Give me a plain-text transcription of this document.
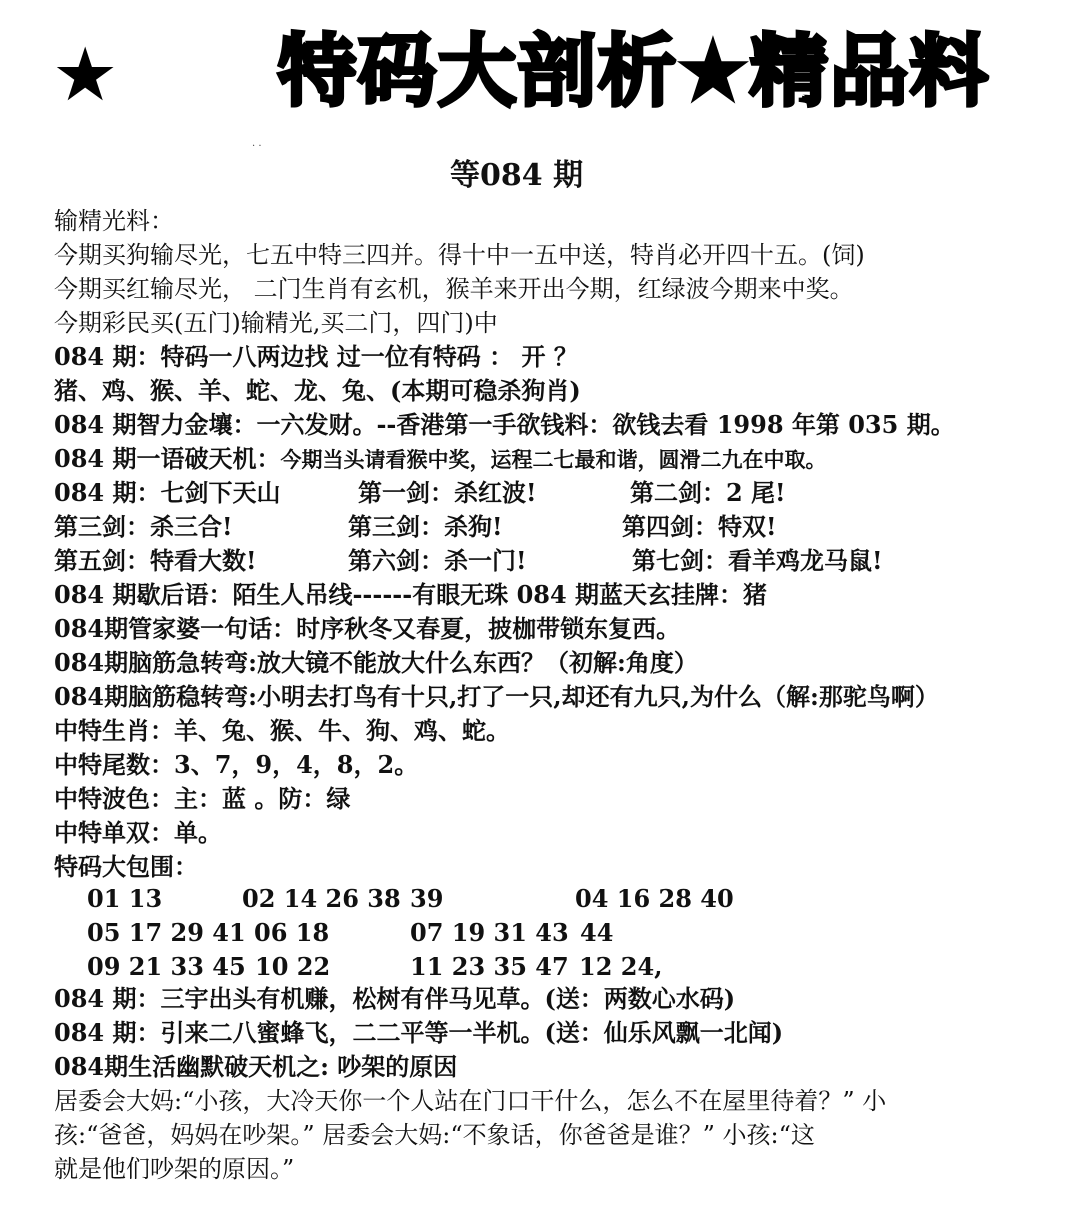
★ 特码大剖析★精品料
. .
等084 期
输精光料：
今期买狗输尽光，七五中特三四并。得十中一五中送，特肖必开四十五。(饲)
今期买红输尽光， 二门生肖有玄机，猴羊来开出今期，红绿波今期来中奖。
今期彩民买(五门)输精光,买二门，四门)中
084 期：特码一八两边找 过一位有特码 ： 开 ？
猪、鸡、猴、羊、蛇、龙、兔、(本期可稳杀狗肖)
084 期智力金壤：一六发财。--香港第一手欲钱料：欲钱去看 1998 年第 035 期。
084 期一语破天机：今期当头请看猴中奖，运程二七最和谐，圆滑二九在中取。
084 期：七剑下天山	第一剑：杀红波!	第二剑：2 尾!
第三剑：杀三合!	第三剑：杀狗!	第四剑：特双!
第五剑：特看大数!	第六剑：杀一门!	第七剑：看羊鸡龙马鼠!
084 期歇后语：陌生人吊线------有眼无珠 084 期蓝天玄挂牌：猪
084期管家婆一句话：时序秋冬又春夏，披枷带锁东复西。
084期脑筋急转弯:放大镜不能放大什么东西？（初解:角度）
084期脑筋稳转弯:小明去打鸟有十只,打了一只,却还有九只,为什么（解:那驼鸟啊）
中特生肖：羊、兔、猴、牛、狗、鸡、蛇。
中特尾数：3、7，9，4，8，2。
中特波色：主：蓝 。防：绿
中特单双：单。
特码大包围：
01 13	02 14 26 38 39	04 16 28 40
05 17 29 41 06 18	07 19 31 43 44
09 21 33 45 10 22	11 23 35 47 12 24,
084 期：三宇出头有机赚，松树有伴马见草。(送：两数心水码)
084 期：引来二八蜜蜂飞，二二平等一半机。(送：仙乐风飘一北闻)
084期生活幽默破天机之: 吵架的原因
居委会大妈:“小孩，大冷天你一个人站在门口干什么，怎么不在屋里待着？” 小
孩:“爸爸，妈妈在吵架。” 居委会大妈:“不象话，你爸爸是谁？” 小孩:“这
就是他们吵架的原因。”
